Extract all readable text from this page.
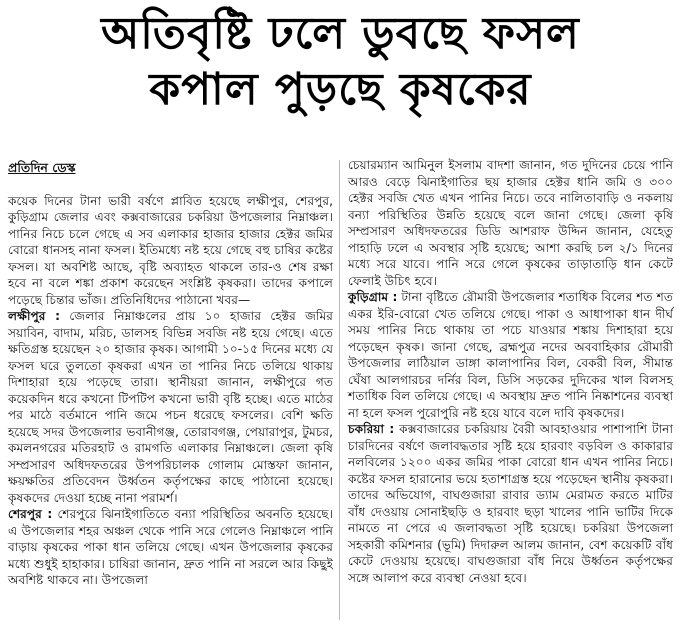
অতিবৃষ্টি ঢলে ডুবছে ফসল
কপাল পুড়ছে কৃষকের
প্রতিদিন ডেস্ক

কয়েক দিনের টানা ভারী বর্ষণে প্লাবিত হয়েছে লক্ষীপুর, শেরপুর, কুড়িগ্রাম জেলার এবং কক্সবাজারের চকরিয়া উপজেলার নিম্নাঞ্চল। পানির নিচে চলে গেছে এ সব এলাকার হাজার হাজার হেক্টর জমির বোরো ধানসহ নানা ফসল। ইতিমধ্যে নষ্ট হয়ে গেছে বহু চাষির কষ্টের ফসল। যা অবশিষ্ট আছে, বৃষ্টি অব্যাহত থাকলে তার-ও শেষ রক্ষা হবে না বলে শঙ্কা প্রকাশ করেছেন সংশ্লিষ্ট কৃষকরা। তাদের কপালে পড়েছে চিন্তার ভাঁজ। প্রতিনিধিদের পাঠানো খবর—

লক্ষীপুর : জেলার নিম্নাঞ্চলের প্রায় ১০ হাজার হেক্টর জমির সয়াবিন, বাদাম, মরিচ, ডালসহ বিভিন্ন সবজি নষ্ট হয়ে গেছে। এতে ক্ষতিগ্রস্ত হয়েছেন ২০ হাজার কৃষক। আগামী ১০-১৫ দিনের মধ্যে যে ফসল ঘরে তুলতো কৃষকরা এখন তা পানির নিচে তলিয়ে থাকায় দিশাহারা হয়ে পড়েছে তারা। স্থানীয়রা জানান, লক্ষীপুরে গত কয়েকদিন ধরে কখনো টিপটিপ কখনো ভারী বৃষ্টি হচ্ছে। এতে মাঠের পর মাঠে বর্তমানে পানি জমে পচন ধরেছে ফসলের। বেশি ক্ষতি হয়েছে সদর উপজেলার ভবানীগঞ্জ, তোরাবগঞ্জ, পেয়ারাপুর, টুমচর, কমলনগরের মতিরহাট ও রামগতি এলাকার নিম্নাঞ্চলে। জেলা কৃষি সম্প্রসারণ অধিদফতরের উপপরিচালক গোলাম মোস্তফা জানান, ক্ষয়ক্ষতির প্রতিবেদন উর্ধ্বতন কর্তৃপক্ষের কাছে পাঠানো হয়েছে। কৃষকদের দেওয়া হচ্ছে নানা পরামর্শ।

শেরপুর : শেরপুরে ঝিনাইগাতিতে বন্যা পরিস্থিতির অবনতি হয়েছে। এ উপজেলার শহর অঞ্চল থেকে পানি সরে গেলেও নিম্নাঞ্চলে পানি বাড়ায় কৃষকের পাকা ধান তলিয়ে গেছে। এখন উপজেলার কৃষকের মধ্যে শুধুই হাহাকার। চাষিরা জানান, দ্রুত পানি না সরলে আর কিছুই অবশিষ্ট থাকবে না। উপজেলা

চেয়ারম্যান আমিনুল ইসলাম বাদশা জানান, গত দুদিনের চেয়ে পানি আরও বেড়ে ঝিনাইগাতির ছয় হাজার হেক্টর ধানি জমি ও ৩০০ হেক্টর সবজি খেত এখন পানির নিচে। তবে নালিতাবাড়ি ও নকলায় বন্যা পরিস্থিতির উন্নতি হয়েছে বলে জানা গেছে। জেলা কৃষি সম্প্রসারণ অধিদফতরের ডিডি আশরাফ উদ্দিন জানান, যেহেতু পাহাড়ি ঢলে এ অবস্থার সৃষ্টি হয়েছে; আশা করছি চল ২/১ দিনের মধ্যে সরে যাবে। পানি সরে গেলে কৃষকের তাড়াতাড়ি ধান কেটে ফেলাই উচিৎ হবে।

কুড়িগ্রাম : টানা বৃষ্টিতে রৌমারী উপজেলার শতাধিক বিলের শত শত একর ইরি-বোরো খেত তলিয়ে গেছে। পাকা ও আধাপাকা ধান দীর্ঘ সময় পানির নিচে থাকায় তা পচে যাওয়ার শঙ্কায় দিশাহারা হয়ে পড়েছেন কৃষক। জানা গেছে, ব্রহ্মপুত্র নদের অববাহিকার রৌমারী উপজেলার লাঠিয়াল ডাঙ্গা কালাপানির বিল, বেকরী বিল, সীমান্ত ঘেঁষা আলগারচর দর্নির বিল, ডিসি সড়কের দুদিকের খাল বিলসহ শতাধিক বিল তলিয়ে গেছে। এ অবস্থায় দ্রুত পানি নিষ্কাশনের ব্যবস্থা না হলে ফসল পুরোপুরি নষ্ট হয়ে যাবে বলে দাবি কৃষকদের।

চকরিয়া : কক্সবাজারের চকরিয়ায় বৈরী আবহাওয়ার পাশাপাশি টানা চারদিনের বর্ষণে জলাবদ্ধতার সৃষ্টি হয়ে হারবাং বড়বিল ও কাকারার নলবিলের ১২০০ একর জমির পাকা বোরো ধান এখন পানির নিচে। কষ্টের ফসল হারানোর ভয়ে হতাশাগ্রস্ত হয়ে পড়েছেন স্থানীয় কৃষকরা। তাদের অভিযোগ, বাঘগুজারা রাবার ড্যাম মেরামত করতে মাটির বাঁধ দেওয়ায় সোনাইছড়ি ও হারবাং ছড়া খালের পানি ভাটির দিকে নামতে না পেরে এ জলাবদ্ধতা সৃষ্টি হয়েছে। চকরিয়া উপজেলা সহকারী কমিশনার (ভূমি) দিদারুল আলম জানান, বেশ কয়েকটি বাঁধ কেটে দেওয়ায় হয়েছে। বাঘগুজারা বাঁধ নিয়ে উর্ধ্বতন কর্তৃপক্ষের সঙ্গে আলাপ করে ব্যবস্থা নেওয়া হবে।
